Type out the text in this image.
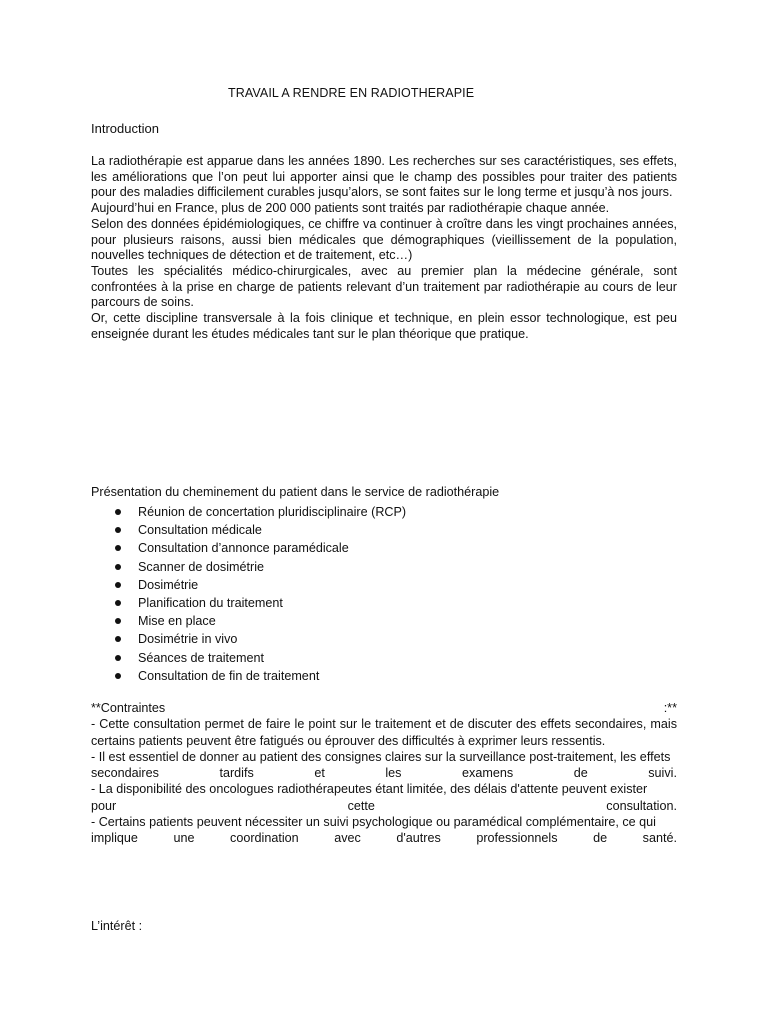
TRAVAIL A RENDRE EN RADIOTHERAPIE
Introduction

La radiothérapie est apparue dans les années 1890. Les recherches sur ses caractéristiques, ses effets, les améliorations que l’on peut lui apporter ainsi que le champ des possibles pour traiter des patients pour des maladies difficilement curables jusqu’alors, se sont faites sur le long terme et jusqu’à nos jours.

Aujourd’hui en France, plus de 200 000 patients sont traités par radiothérapie chaque année.

Selon des données épidémiologiques, ce chiffre va continuer à croître dans les vingt prochaines années, pour plusieurs raisons, aussi bien médicales que démographiques (vieillissement de la population, nouvelles techniques de détection et de traitement, etc…)

Toutes les spécialités médico-chirurgicales, avec au premier plan la médecine générale, sont confrontées à la prise en charge de patients relevant d’un traitement par radiothérapie au cours de leur parcours de soins.

Or, cette discipline transversale à la fois clinique et technique, en plein essor technologique, est peu enseignée durant les études médicales tant sur le plan théorique que pratique.

Présentation du cheminement du patient dans le service de radiothérapie

Réunion de concertation pluridisciplinaire (RCP)
Consultation médicale
Consultation d’annonce paramédicale
Scanner de dosimétrie
Dosimétrie
Planification du traitement
Mise en place
Dosimétrie in vivo
Séances de traitement
Consultation de fin de traitement
**Contraintes	:**

- Cette consultation permet de faire le point sur le traitement et de discuter des effets secondaires, mais certains patients peuvent être fatigués ou éprouver des difficultés à exprimer leurs ressentis.

- Il est essentiel de donner au patient des consignes claires sur la surveillance post-traitement, les effets
secondaires	tardifs	et	les	examens	de	suivi.
- La disponibilité des oncologues radiothérapeutes étant limitée, des délais d'attente peuvent exister
pour	cette	consultation.
- Certains patients peuvent nécessiter un suivi psychologique ou paramédical complémentaire, ce qui
implique	une	coordination	avec	d'autres	professionnels	de	santé.
L’intérêt :
